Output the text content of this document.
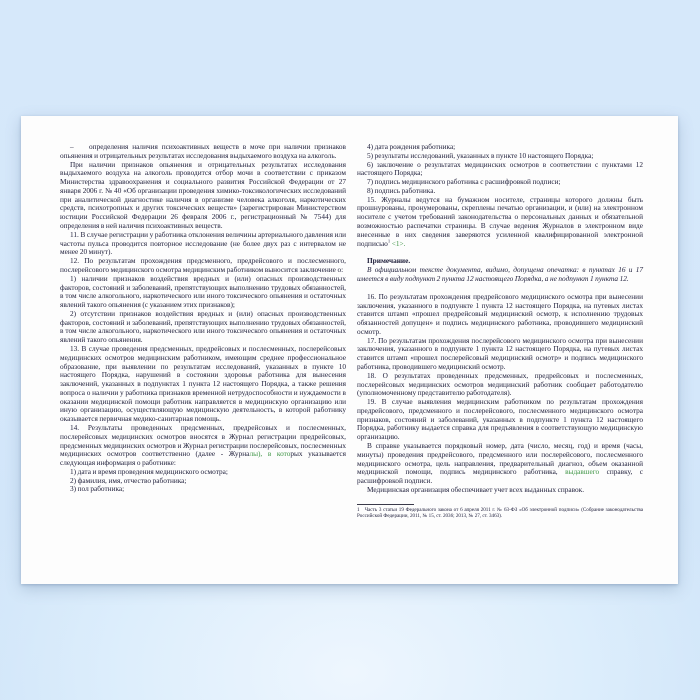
–    определения наличия психоактивных веществ в моче при наличии признаков опьянения и отрицательных результатах исследования выдыхаемого воздуха на алкоголь.

При наличии признаков опьянения и отрицательных результатах исследования выдыхаемого воздуха на алкоголь проводится отбор мочи в соответствии с приказом Министерства здравоохранения и социального развития Российской Федерации от 27 января 2006 г. № 40 «Об организации проведения химико-токсикологических исследований при аналитической диагностике наличия в организме человека алкоголя, наркотических средств, психотропных и других токсических веществ» (зарегистрирован Министерством юстиции Российской Федерации 26 февраля 2006 г., регистрационный № 7544) для определения в ней наличия психоактивных веществ.

11. В случае регистрации у работника отклонения величины артериального давления или частоты пульса проводится повторное исследование (не более двух раз с интервалом не менее 20 минут).

12. По результатам прохождения предсменного, предрейсового и послесменного, послерейсового медицинского осмотра медицинским работником выносится заключение о:

1) наличии признаков воздействия вредных и (или) опасных производственных факторов, состояний и заболеваний, препятствующих выполнению трудовых обязанностей, в том числе алкогольного, наркотического или иного токсического опьянения и остаточных явлений такого опьянения (с указанием этих признаков);

2) отсутствии признаков воздействия вредных и (или) опасных производственных факторов, состояний и заболеваний, препятствующих выполнению трудовых обязанностей, в том числе алкогольного, наркотического или иного токсического опьянения и остаточных явлений такого опьянения.

13. В случае проведения предсменных, предрейсовых и послесменных, послерейсовых медицинских осмотров медицинским работником, имеющим среднее профессиональное образование, при выявлении по результатам исследований, указанных в пункте 10 настоящего Порядка, нарушений в состоянии здоровья работника для вынесения заключений, указанных в подпунктах 1 пункта 12 настоящего Порядка, а также решения вопроса о наличии у работника признаков временной нетрудоспособности и нуждаемости в оказании медицинской помощи работник направляется в медицинскую организацию или иную организацию, осуществляющую медицинскую деятельность, в которой работнику оказывается первичная медико-санитарная помощь.

14. Результаты проведенных предсменных, предрейсовых и послесменных, послерейсовых медицинских осмотров вносятся в Журнал регистрации предрейсовых, предсменных медицинских осмотров и Журнал регистрации послерейсовых, послесменных медицинских осмотров соответственно (далее - Журналы), в которых указывается следующая информация о работнике:

1) дата и время проведения медицинского осмотра;

2) фамилия, имя, отчество работника;

3) пол работника;

4) дата рождения работника;

5) результаты исследований, указанных в пункте 10 настоящего Порядка;

6) заключение о результатах медицинских осмотров в соответствии с пунктами 12 настоящего Порядка;

7) подпись медицинского работника с расшифровкой подписи;

8) подпись работника.

15. Журналы ведутся на бумажном носителе, страницы которого должны быть прошнурованы, пронумерованы, скреплены печатью организации, и (или) на электронном носителе с учетом требований законодательства о персональных данных и обязательной возможностью распечатки страницы. В случае ведения Журналов в электронном виде внесенные в них сведения заверяются усиленной квалифицированной электронной подписью$^1$ <1>.

Примечание.

В официальном тексте документа, видимо, допущена опечатка: в пунктах 16 и 17 имеется в виду подпункт 2 пункта 12 настоящего Порядка, а не подпункт 1 пункта 12.

16. По результатам прохождения предрейсового медицинского осмотра при вынесении заключения, указанного в подпункте 1 пункта 12 настоящего Порядка, на путевых листах ставится штамп «прошел предрейсовый медицинский осмотр, к исполнению трудовых обязанностей допущен» и подпись медицинского работника, проводившего медицинский осмотр.

17. По результатам прохождения послерейсового медицинского осмотра при вынесении заключения, указанного в подпункте 1 пункта 12 настоящего Порядка, на путевых листах ставится штамп «прошел послерейсовый медицинский осмотр» и подпись медицинского работника, проводившего медицинский осмотр.

18. О результатах проведенных предсменных, предрейсовых и послесменных, послерейсовых медицинских осмотров медицинский работник сообщает работодателю (уполномоченному представителю работодателя).

19. В случае выявления медицинским работником по результатам прохождения предрейсового, предсменного и послерейсового, послесменного медицинского осмотра признаков, состояний и заболеваний, указанных в подпункте 1 пункта 12 настоящего Порядка, работнику выдается справка для предъявления в соответствующую медицинскую организацию.

В справке указывается порядковый номер, дата (число, месяц, год) и время (часы, минуты) проведения предрейсового, предсменного или послерейсового, послесменного медицинского осмотра, цель направления, предварительный диагноз, объем оказанной медицинской помощи, подпись медицинского работника, выдавшего справку, с расшифровкой подписи.

Медицинская организация обеспечивает учет всех выданных справок.

1   Часть 3 статьи 19 Федерального закона от 6 апреля 2011 г. № 63-ФЗ «Об электронной подписи» (Собрание законодательства Российской Федерации, 2011, № 15, ст. 2036; 2013, № 27, ст. 3463).
